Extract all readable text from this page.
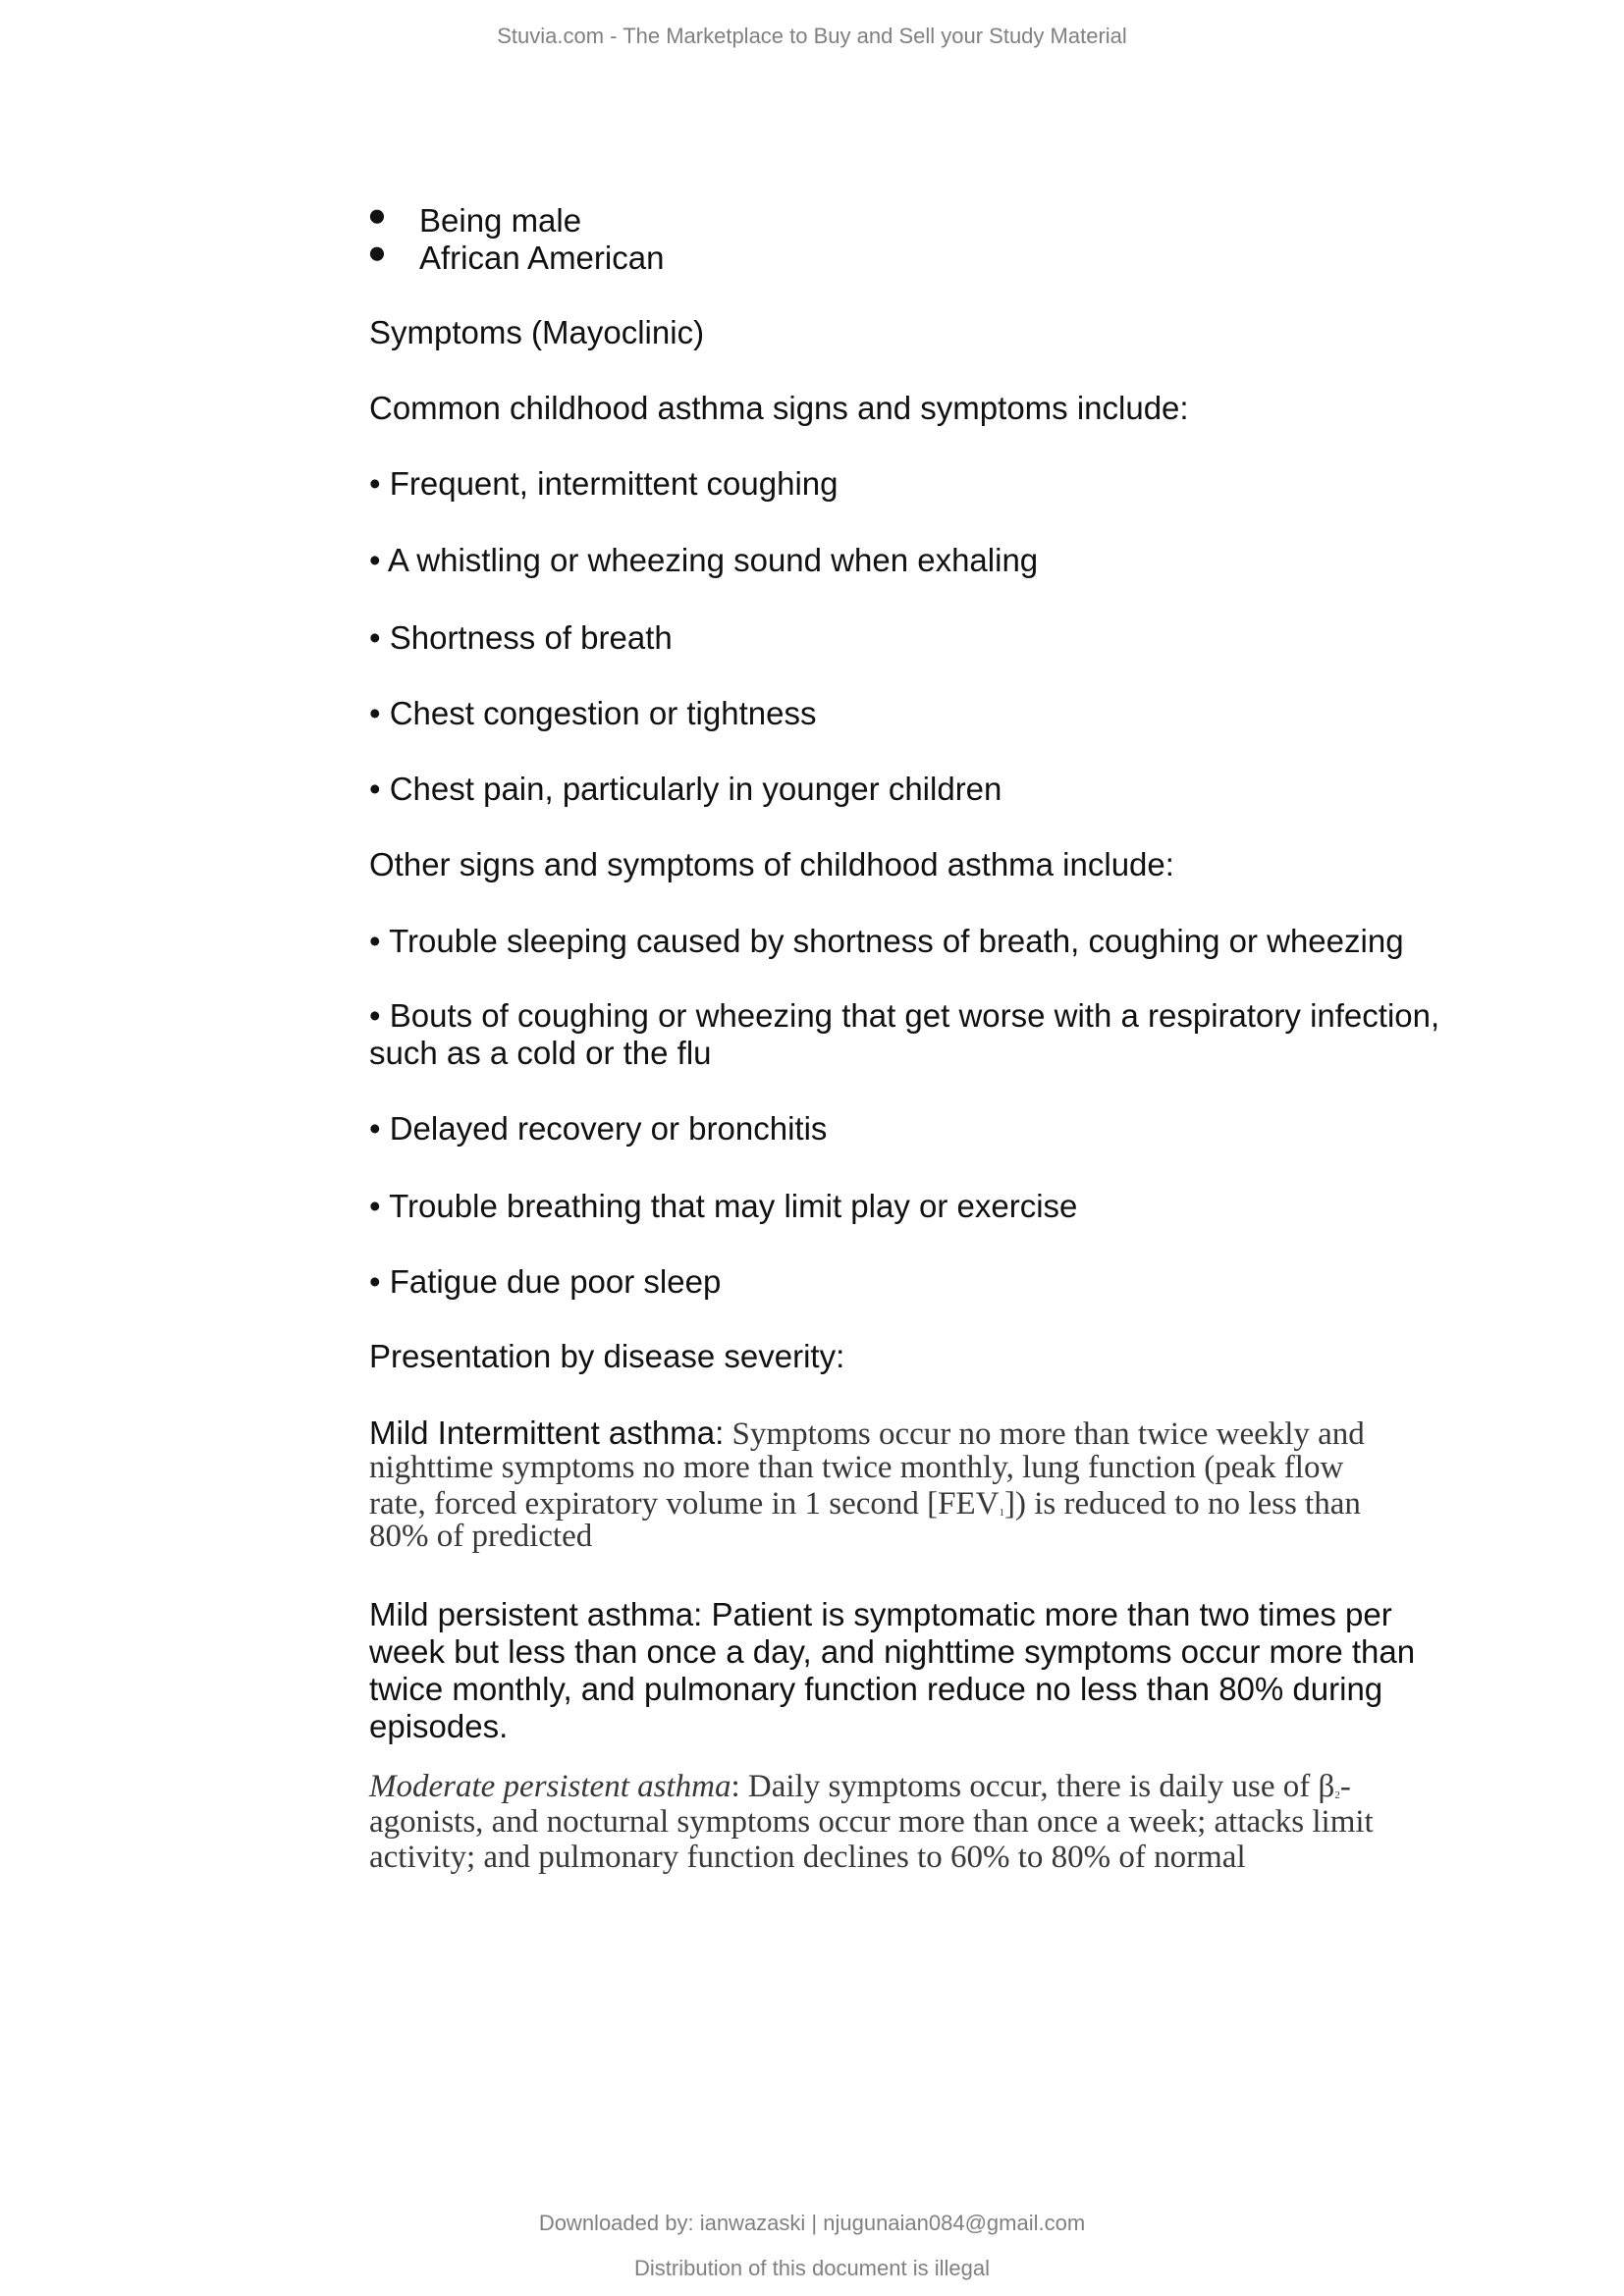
Stuvia.com - The Marketplace to Buy and Sell your Study Material
● Being male
● African American
Symptoms (Mayoclinic)
Common childhood asthma signs and symptoms include:
• Frequent, intermittent coughing
• A whistling or wheezing sound when exhaling
• Shortness of breath
• Chest congestion or tightness
• Chest pain, particularly in younger children
Other signs and symptoms of childhood asthma include:
• Trouble sleeping caused by shortness of breath, coughing or wheezing
• Bouts of coughing or wheezing that get worse with a respiratory infection,
such as a cold or the flu
• Delayed recovery or bronchitis
• Trouble breathing that may limit play or exercise
• Fatigue due poor sleep
Presentation by disease severity:
Mild Intermittent asthma: Symptoms occur no more than twice weekly and
nighttime symptoms no more than twice monthly, lung function (peak flow
rate, forced expiratory volume in 1 second $[FEV_1]$) is reduced to no less than
80% of predicted
Mild persistent asthma: Patient is symptomatic more than two times per
week but less than once a day, and nighttime symptoms occur more than
twice monthly, and pulmonary function reduce no less than 80% during
episodes.
Moderate persistent asthma: Daily symptoms occur, there is daily use of $\beta_2-$
agonists, and nocturnal symptoms occur more than once a week; attacks limit
activity; and pulmonary function declines to 60% to 80% of normal
Downloaded by: ianwazaski | njugunaian084@gmail.com
Distribution of this document is illegal
